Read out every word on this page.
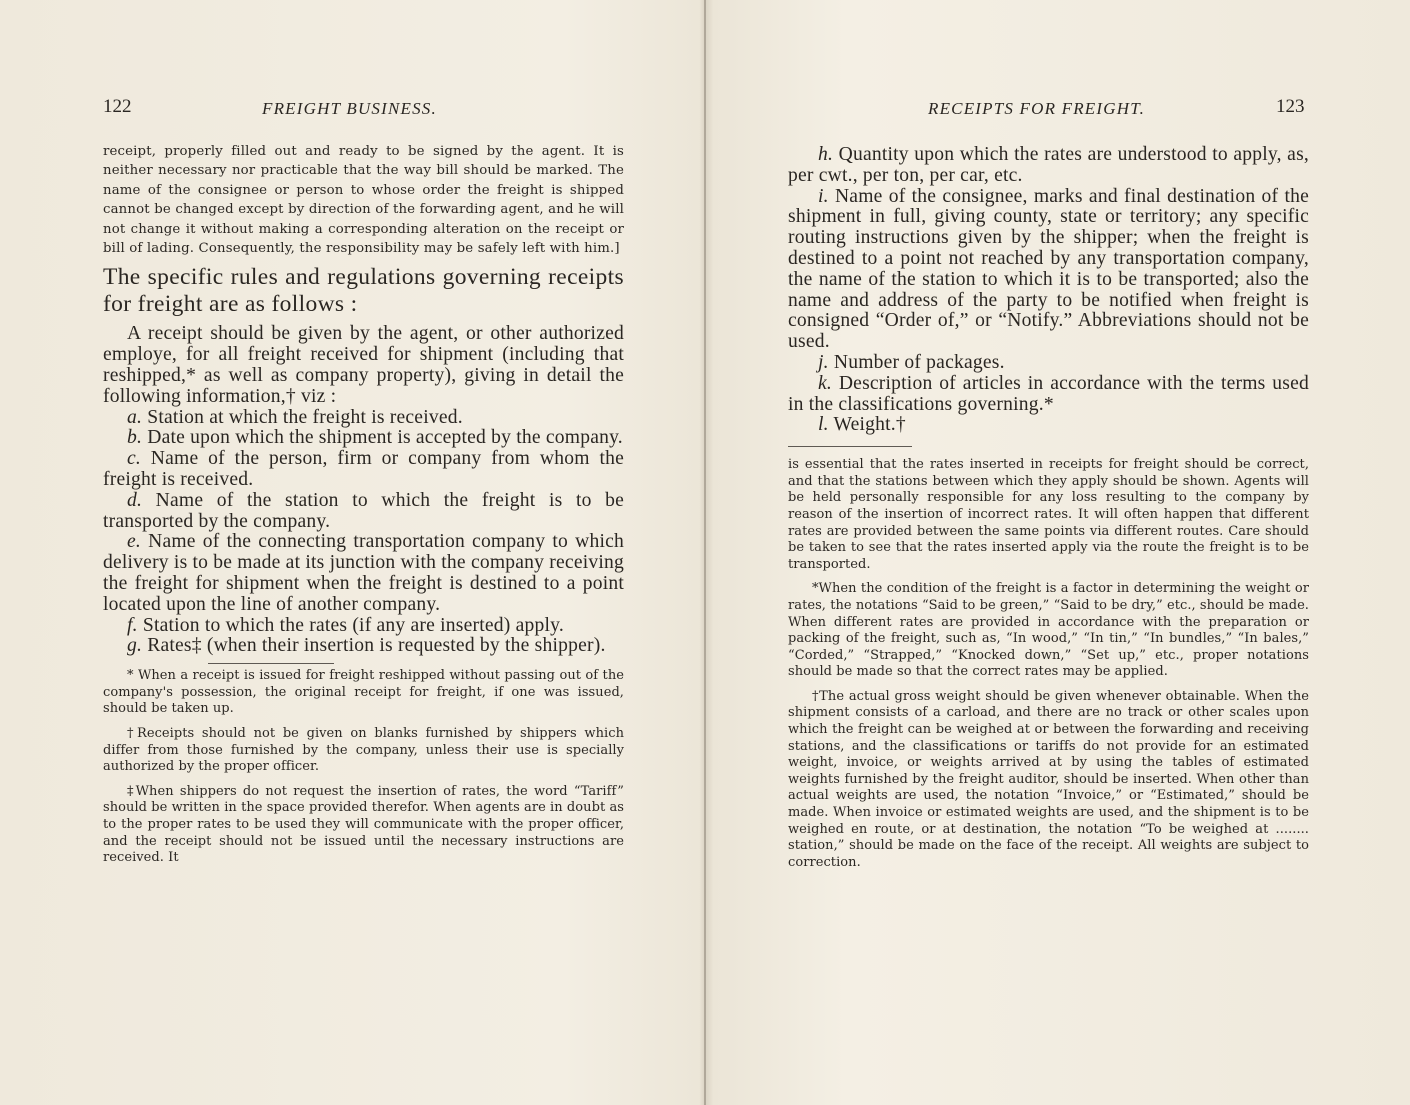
122	FREIGHT BUSINESS.

receipt, properly filled out and ready to be signed by the agent. It is neither necessary nor practicable that the way bill should be marked. The name of the consignee or person to whose order the freight is shipped cannot be changed except by direction of the forwarding agent, and he will not change it without making a corresponding alteration on the receipt or bill of lading. Consequently, the responsibility may be safely left with him.]

The specific rules and regulations governing receipts for freight are as follows :

A receipt should be given by the agent, or other authorized employe, for all freight received for shipment (including that reshipped,* as well as company property), giving in detail the following information,† viz :

a. Station at which the freight is received.

b. Date upon which the shipment is accepted by the company.

c. Name of the person, firm or company from whom the freight is received.

d. Name of the station to which the freight is to be transported by the company.

e. Name of the connecting transportation company to which delivery is to be made at its junction with the company receiving the freight for shipment when the freight is destined to a point located upon the line of another company.

f. Station to which the rates (if any are inserted) apply.

g. Rates‡ (when their insertion is requested by the shipper).

* When a receipt is issued for freight reshipped without passing out of the company's possession, the original receipt for freight, if one was issued, should be taken up.

†Receipts should not be given on blanks furnished by shippers which differ from those furnished by the company, unless their use is specially authorized by the proper officer.

‡When shippers do not request the insertion of rates, the word “Tariff” should be written in the space provided therefor. When agents are in doubt as to the proper rates to be used they will communicate with the proper officer, and the receipt should not be issued until the necessary instructions are received. It

RECEIPTS FOR FREIGHT.	123

h. Quantity upon which the rates are understood to apply, as, per cwt., per ton, per car, etc.

i. Name of the consignee, marks and final destination of the shipment in full, giving county, state or territory; any specific routing instructions given by the shipper; when the freight is destined to a point not reached by any transportation company, the name of the station to which it is to be transported; also the name and address of the party to be notified when freight is consigned “Order of,” or “Notify.” Abbreviations should not be used.

j. Number of packages.

k. Description of articles in accordance with the terms used in the classifications governing.*

l. Weight.†

is essential that the rates inserted in receipts for freight should be correct, and that the stations between which they apply should be shown. Agents will be held personally responsible for any loss resulting to the company by reason of the insertion of incorrect rates. It will often happen that different rates are provided between the same points via different routes. Care should be taken to see that the rates inserted apply via the route the freight is to be transported.

*When the condition of the freight is a factor in determining the weight or rates, the notations “Said to be green,” “Said to be dry,” etc., should be made. When different rates are provided in accordance with the preparation or packing of the freight, such as, “In wood,” “In tin,” “In bundles,” “In bales,” “Corded,” “Strapped,” “Knocked down,” “Set up,” etc., proper notations should be made so that the correct rates may be applied.

†The actual gross weight should be given whenever obtainable. When the shipment consists of a carload, and there are no track or other scales upon which the freight can be weighed at or between the forwarding and receiving stations, and the classifications or tariffs do not provide for an estimated weight, invoice, or weights arrived at by using the tables of estimated weights furnished by the freight auditor, should be inserted. When other than actual weights are used, the notation “Invoice,” or “Estimated,” should be made. When invoice or estimated weights are used, and the shipment is to be weighed en route, or at destination, the notation “To be weighed at ........ station,” should be made on the face of the receipt. All weights are subject to correction.
